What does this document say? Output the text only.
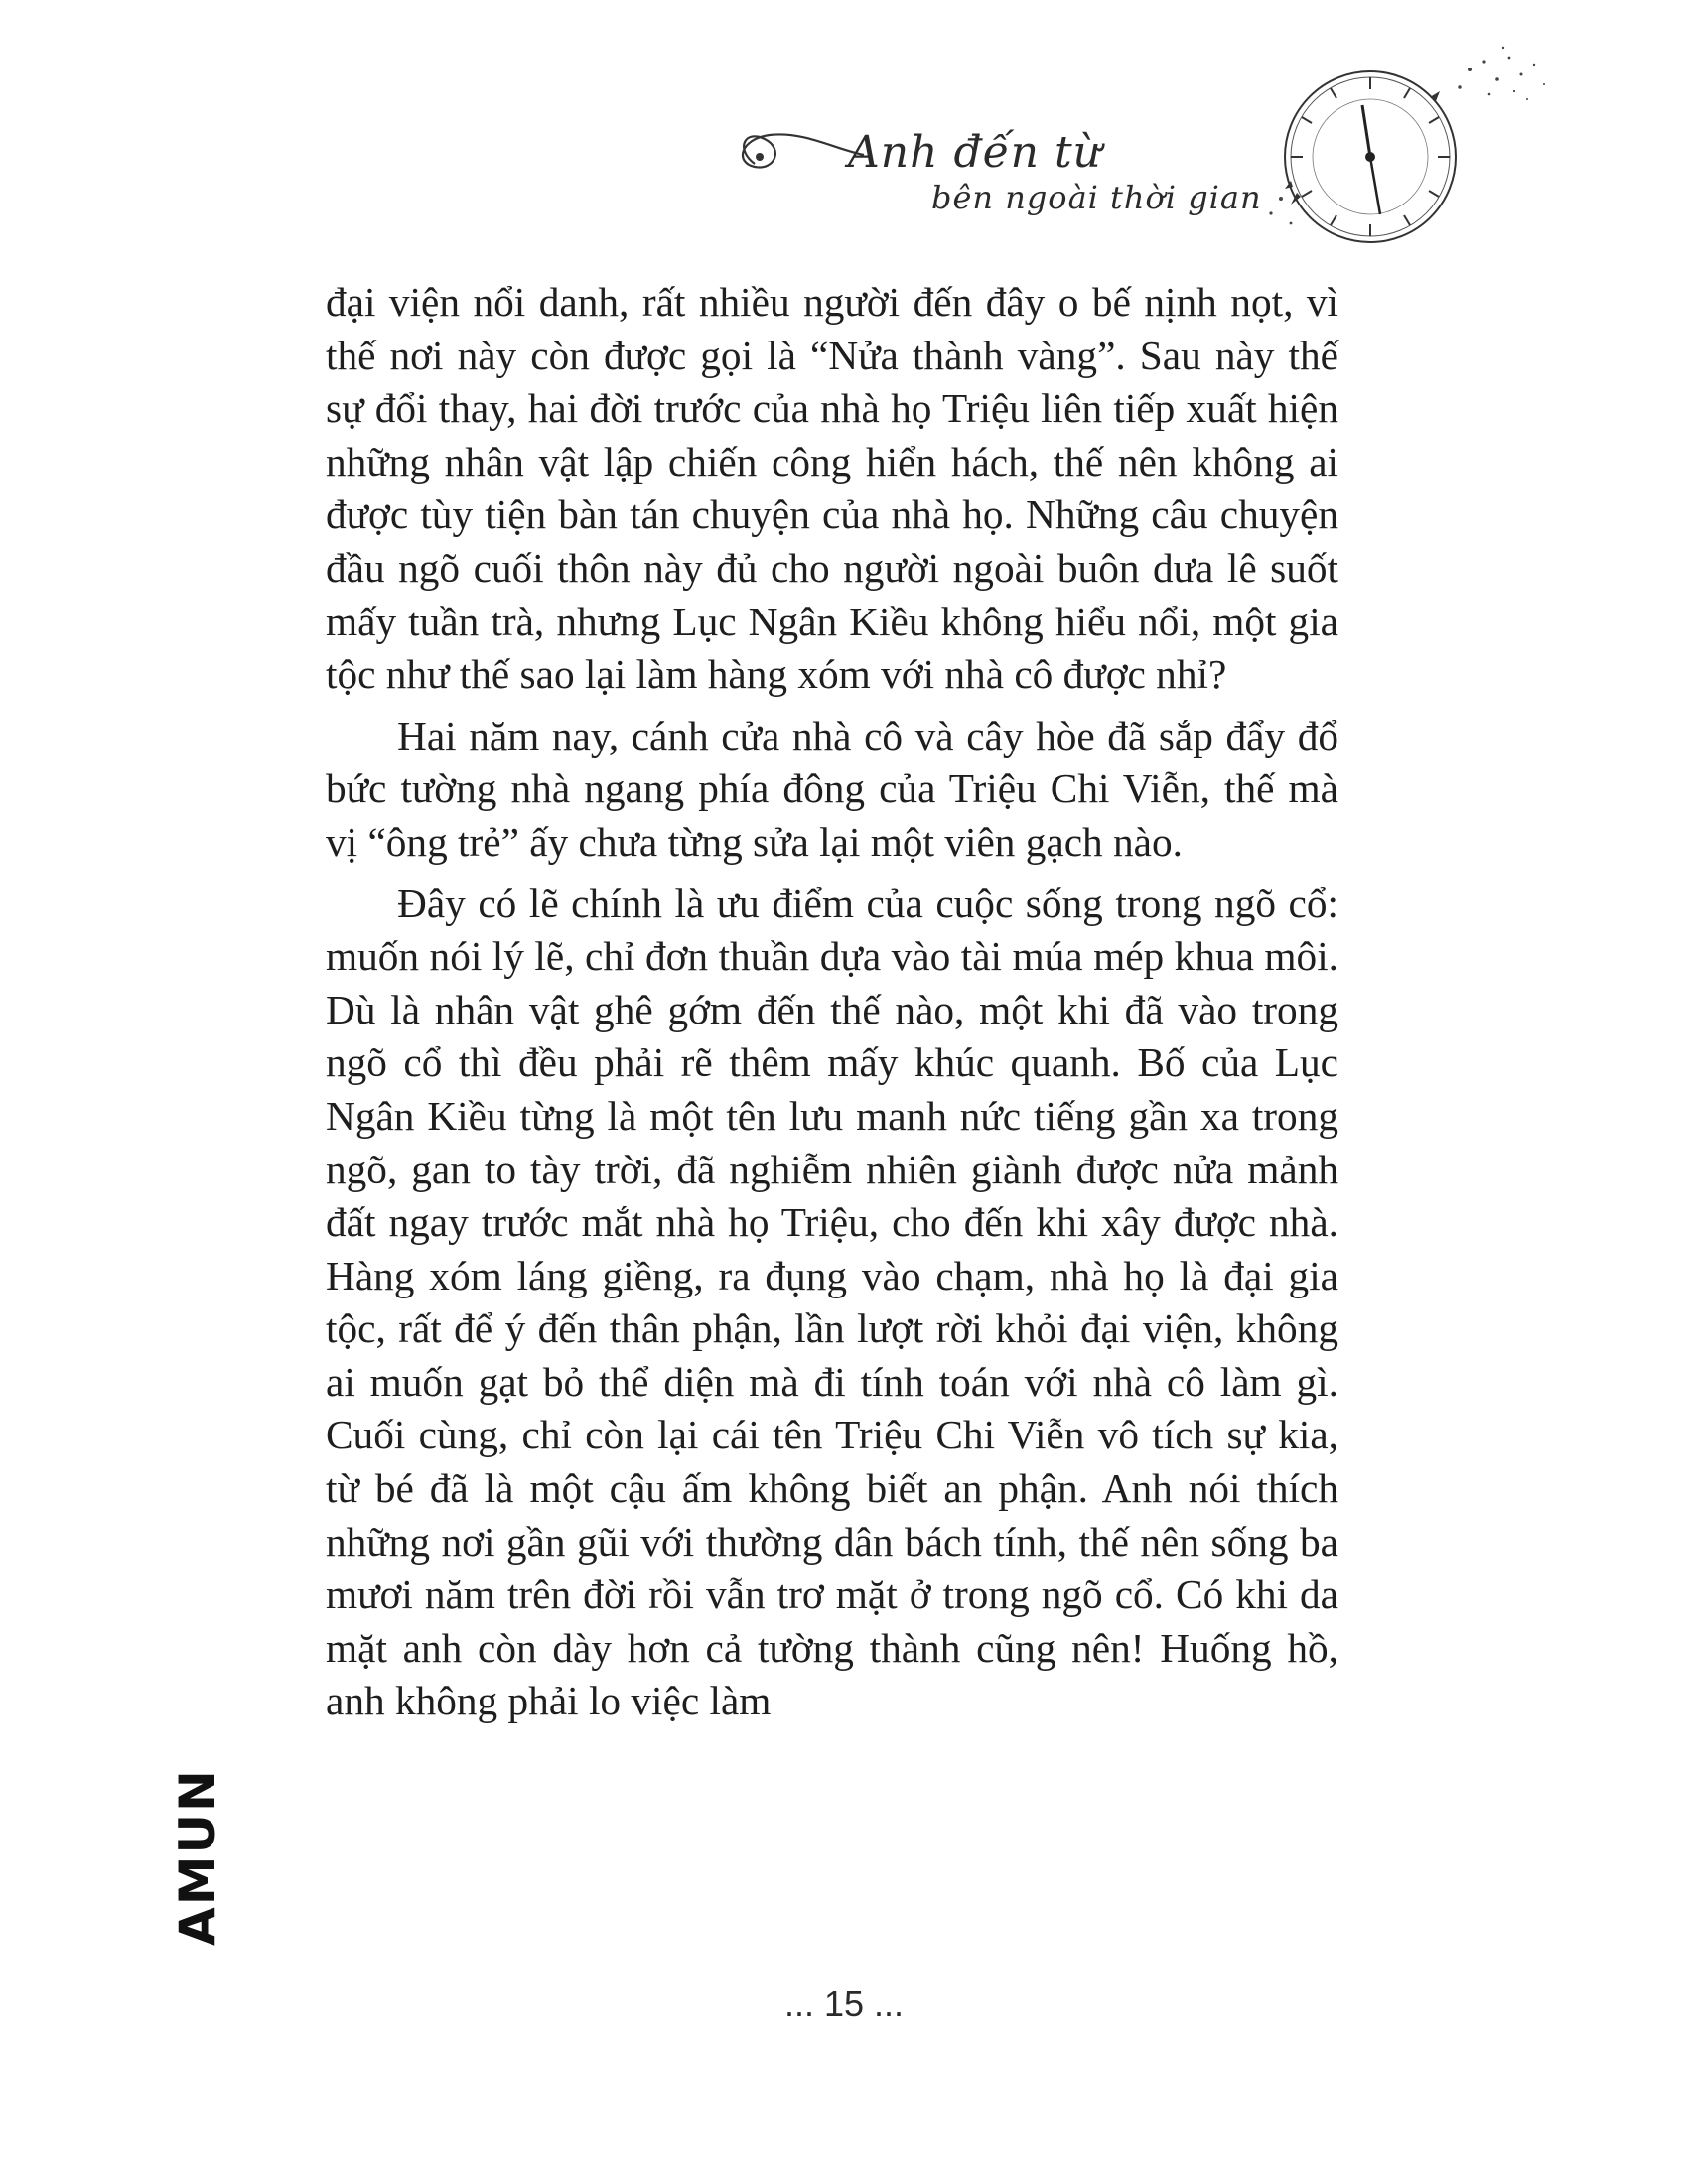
Anh đến từ
bên ngoài thời gian

đại viện nổi danh, rất nhiều người đến đây o bế nịnh nọt, vì thế nơi này còn được gọi là “Nửa thành vàng”. Sau này thế sự đổi thay, hai đời trước của nhà họ Triệu liên tiếp xuất hiện những nhân vật lập chiến công hiển hách, thế nên không ai được tùy tiện bàn tán chuyện của nhà họ. Những câu chuyện đầu ngõ cuối thôn này đủ cho người ngoài buôn dưa lê suốt mấy tuần trà, nhưng Lục Ngân Kiều không hiểu nổi, một gia tộc như thế sao lại làm hàng xóm với nhà cô được nhỉ?

Hai năm nay, cánh cửa nhà cô và cây hòe đã sắp đẩy đổ bức tường nhà ngang phía đông của Triệu Chi Viễn, thế mà vị “ông trẻ” ấy chưa từng sửa lại một viên gạch nào.

Đây có lẽ chính là ưu điểm của cuộc sống trong ngõ cổ: muốn nói lý lẽ, chỉ đơn thuần dựa vào tài múa mép khua môi. Dù là nhân vật ghê gớm đến thế nào, một khi đã vào trong ngõ cổ thì đều phải rẽ thêm mấy khúc quanh. Bố của Lục Ngân Kiều từng là một tên lưu manh nức tiếng gần xa trong ngõ, gan to tày trời, đã nghiễm nhiên giành được nửa mảnh đất ngay trước mắt nhà họ Triệu, cho đến khi xây được nhà. Hàng xóm láng giềng, ra đụng vào chạm, nhà họ là đại gia tộc, rất để ý đến thân phận, lần lượt rời khỏi đại viện, không ai muốn gạt bỏ thể diện mà đi tính toán với nhà cô làm gì. Cuối cùng, chỉ còn lại cái tên Triệu Chi Viễn vô tích sự kia, từ bé đã là một cậu ấm không biết an phận. Anh nói thích những nơi gần gũi với thường dân bách tính, thế nên sống ba mươi năm trên đời rồi vẫn trơ mặt ở trong ngõ cổ. Có khi da mặt anh còn dày hơn cả tường thành cũng nên! Huống hồ, anh không phải lo việc làm

AMUN
... 15 ...
